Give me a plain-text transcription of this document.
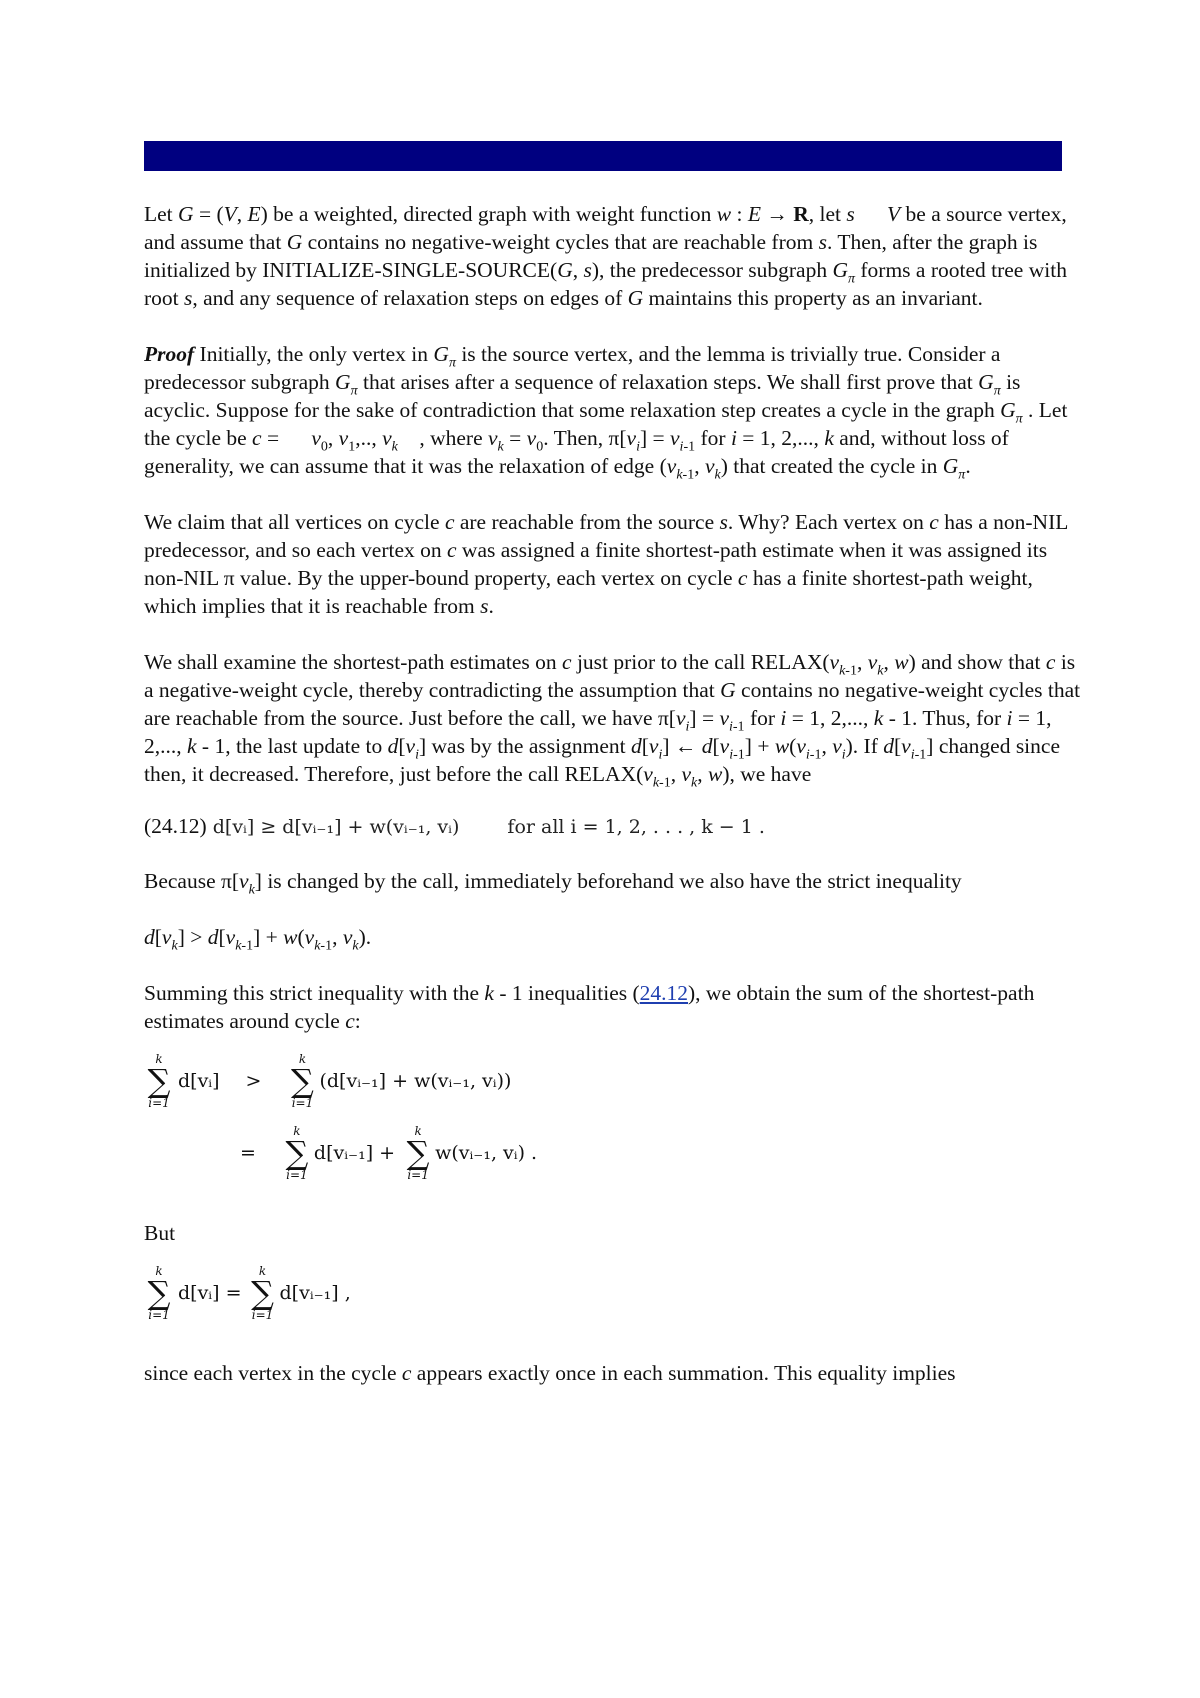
Let G = (V, E) be a weighted, directed graph with weight function w : E → R, let s V be a source vertex, and assume that G contains no negative-weight cycles that are reachable from s. Then, after the graph is initialized by INITIALIZE-SINGLE-SOURCE(G, s), the predecessor subgraph $G_\pi$ forms a rooted tree with root s, and any sequence of relaxation steps on edges of G maintains this property as an invariant.

Proof Initially, the only vertex in $G_\pi$ is the source vertex, and the lemma is trivially true. Consider a predecessor subgraph $G_\pi$ that arises after a sequence of relaxation steps. We shall first prove that $G_\pi$ is acyclic. Suppose for the sake of contradiction that some relaxation step creates a cycle in the graph $G_\pi$ . Let the cycle be c =      $v_0$, $v_1$,.., $v_k$    , where $v_k = v_0$. Then, $\pi[v_i] = v_{i-1}$ for i = 1, 2,..., k and, without loss of generality, we can assume that it was the relaxation of edge ($v_{k-1}$, $v_k$) that created the cycle in $G_\pi$.

We claim that all vertices on cycle c are reachable from the source s. Why? Each vertex on c has a non-NIL predecessor, and so each vertex on c was assigned a finite shortest-path estimate when it was assigned its non-NIL π value. By the upper-bound property, each vertex on cycle c has a finite shortest-path weight, which implies that it is reachable from s.

We shall examine the shortest-path estimates on c just prior to the call $RELAX(v_{k-1}$, $v_k$, w) and show that c is a negative-weight cycle, thereby contradicting the assumption that G contains no negative-weight cycles that are reachable from the source. Just before the call, we have $\pi[v_i] = v_{i-1}$ for i = 1, 2,..., k - 1. Thus, for i = 1, 2,..., k - 1, the last update to $d[v_i]$ was by the assignment $d[v_i]$ ← $d[v_{i-1}] + w(v_{i-1}$, $v_i$). If $d[v_{i-1}]$ changed since then, it decreased. Therefore, just before the call $RELAX(v_{k-1}$, $v_k$, w), we have

(24.12) d[vᵢ] ≥ d[vᵢ₋₁] + w(vᵢ₋₁, vᵢ)	for all i = 1, 2, . . . , k − 1 .

Because $\pi[v_k]$ is changed by the call, immediately beforehand we also have the strict inequality

$d[v_k] > d[v_{k-1}] + w(v_{k-1}$, $v_k$).

Summing this strict inequality with the k - 1 inequalities (24.12), we obtain the sum of the shortest-path estimates around cycle c:

k
∑
i=1
d[vᵢ] >
k
∑
i=1
(d[vᵢ₋₁] + w(vᵢ₋₁, vᵢ))
=
k
∑
i=1
d[vᵢ₋₁] +
k
∑
i=1
w(vᵢ₋₁, vᵢ) .

But

k
∑
i=1
d[vᵢ] =
k
∑
i=1
d[vᵢ₋₁] ,

since each vertex in the cycle c appears exactly once in each summation. This equality implies
